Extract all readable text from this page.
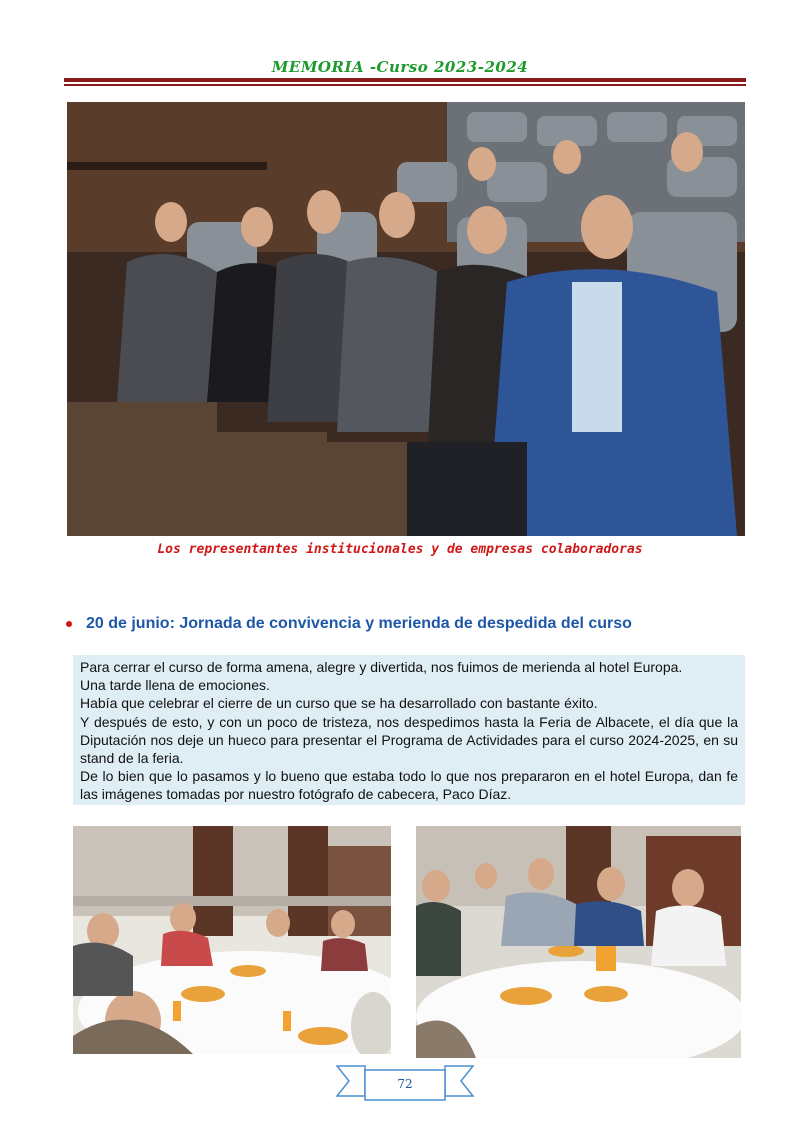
MEMORIA -Curso 2023-2024
Los representantes institucionales y de empresas colaboradoras
20 de junio: Jornada de convivencia y merienda de despedida del curso

Para cerrar el curso de forma amena, alegre y divertida, nos fuimos de merienda al hotel Europa.

Una tarde llena de emociones.

Había que celebrar el cierre de un curso que se ha desarrollado con bastante éxito.

Y después de esto, y con un poco de tristeza, nos despedimos hasta la Feria de Albacete, el día que la Diputación nos deje un hueco para presentar el Programa de Actividades para el curso 2024-2025, en su stand de la feria.

De lo bien que lo pasamos y lo bueno que estaba todo lo que nos prepararon en el hotel Europa, dan fe las imágenes tomadas por nuestro fotógrafo de cabecera, Paco Díaz.

72
